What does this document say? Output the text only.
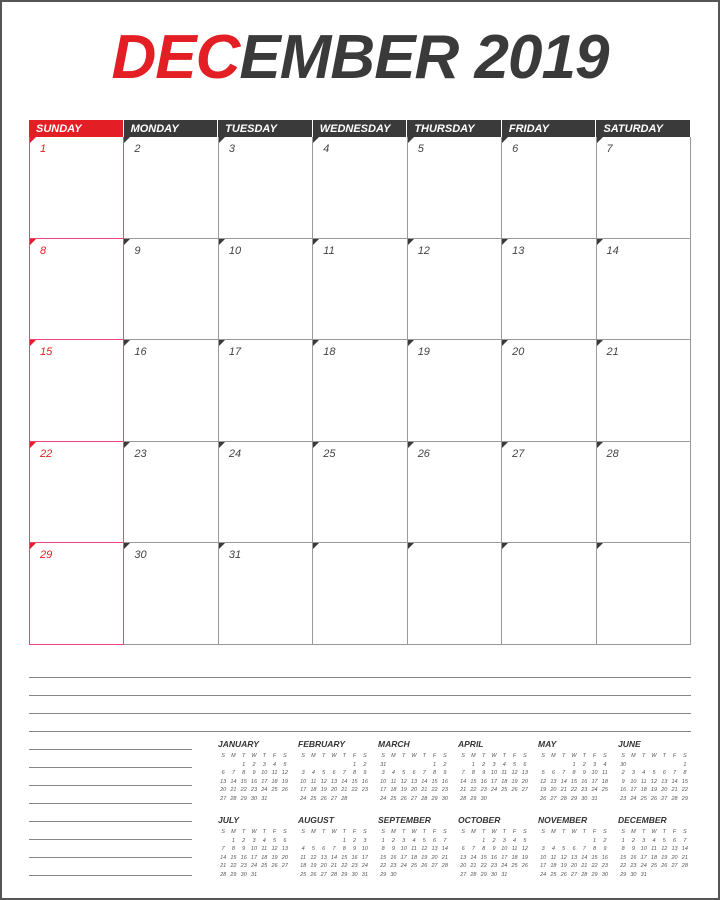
DECEMBER 2019
SUNDAY	MONDAY	TUESDAY	WEDNESDAY	THURSDAY	FRIDAY	SATURDAY
1	2	3	4	5	6	7
8	9	10	11	12	13	14
15	16	17	18	19	20	21
22	23	24	25	26	27	28
29	30	31
JANUARY
S	M	T	W	T	F	S
		1	2	3	4	5
6	7	8	9	10	11	12
13	14	15	16	17	18	19
20	21	22	23	24	25	26
27	28	29	30	31		
FEBRUARY
S	M	T	W	T	F	S
					1	2
3	4	5	6	7	8	9
10	11	12	13	14	15	16
17	18	19	20	21	22	23
24	25	26	27	28		
MARCH
S	M	T	W	T	F	S
31					1	2
3	4	5	6	7	8	9
10	11	12	13	14	15	16
17	18	19	20	21	22	23
24	25	26	27	28	29	30
APRIL
S	M	T	W	T	F	S
	1	2	3	4	5	6
7	8	9	10	11	12	13
14	15	16	17	18	19	20
21	22	23	24	25	26	27
28	29	30				
MAY
S	M	T	W	T	F	S
			1	2	3	4
5	6	7	8	9	10	11
12	13	14	15	16	17	18
19	20	21	22	23	24	25
26	27	28	29	30	31	
JUNE
S	M	T	W	T	F	S
30						1
2	3	4	5	6	7	8
9	10	11	12	13	14	15
16	17	18	19	20	21	22
23	24	25	26	27	28	29
JULY
S	M	T	W	T	F	S
	1	2	3	4	5	6
7	8	9	10	11	12	13
14	15	16	17	18	19	20
21	22	23	24	25	26	27
28	29	30	31			
AUGUST
S	M	T	W	T	F	S
				1	2	3
4	5	6	7	8	9	10
11	12	13	14	15	16	17
18	19	20	21	22	23	24
25	26	27	28	29	30	31
SEPTEMBER
S	M	T	W	T	F	S
1	2	3	4	5	6	7
8	9	10	11	12	13	14
15	16	17	18	19	20	21
22	23	24	25	26	27	28
29	30					
OCTOBER
S	M	T	W	T	F	S
		1	2	3	4	5
6	7	8	9	10	11	12
13	14	15	16	17	18	19
20	21	22	23	24	25	26
27	28	29	30	31		
NOVEMBER
S	M	T	W	T	F	S
					1	2
3	4	5	6	7	8	9
10	11	12	13	14	15	16
17	18	19	20	21	22	23
24	25	26	27	28	29	30
DECEMBER
S	M	T	W	T	F	S
1	2	3	4	5	6	7
8	9	10	11	12	13	14
15	16	17	18	19	20	21
22	23	24	25	26	27	28
29	30	31				
